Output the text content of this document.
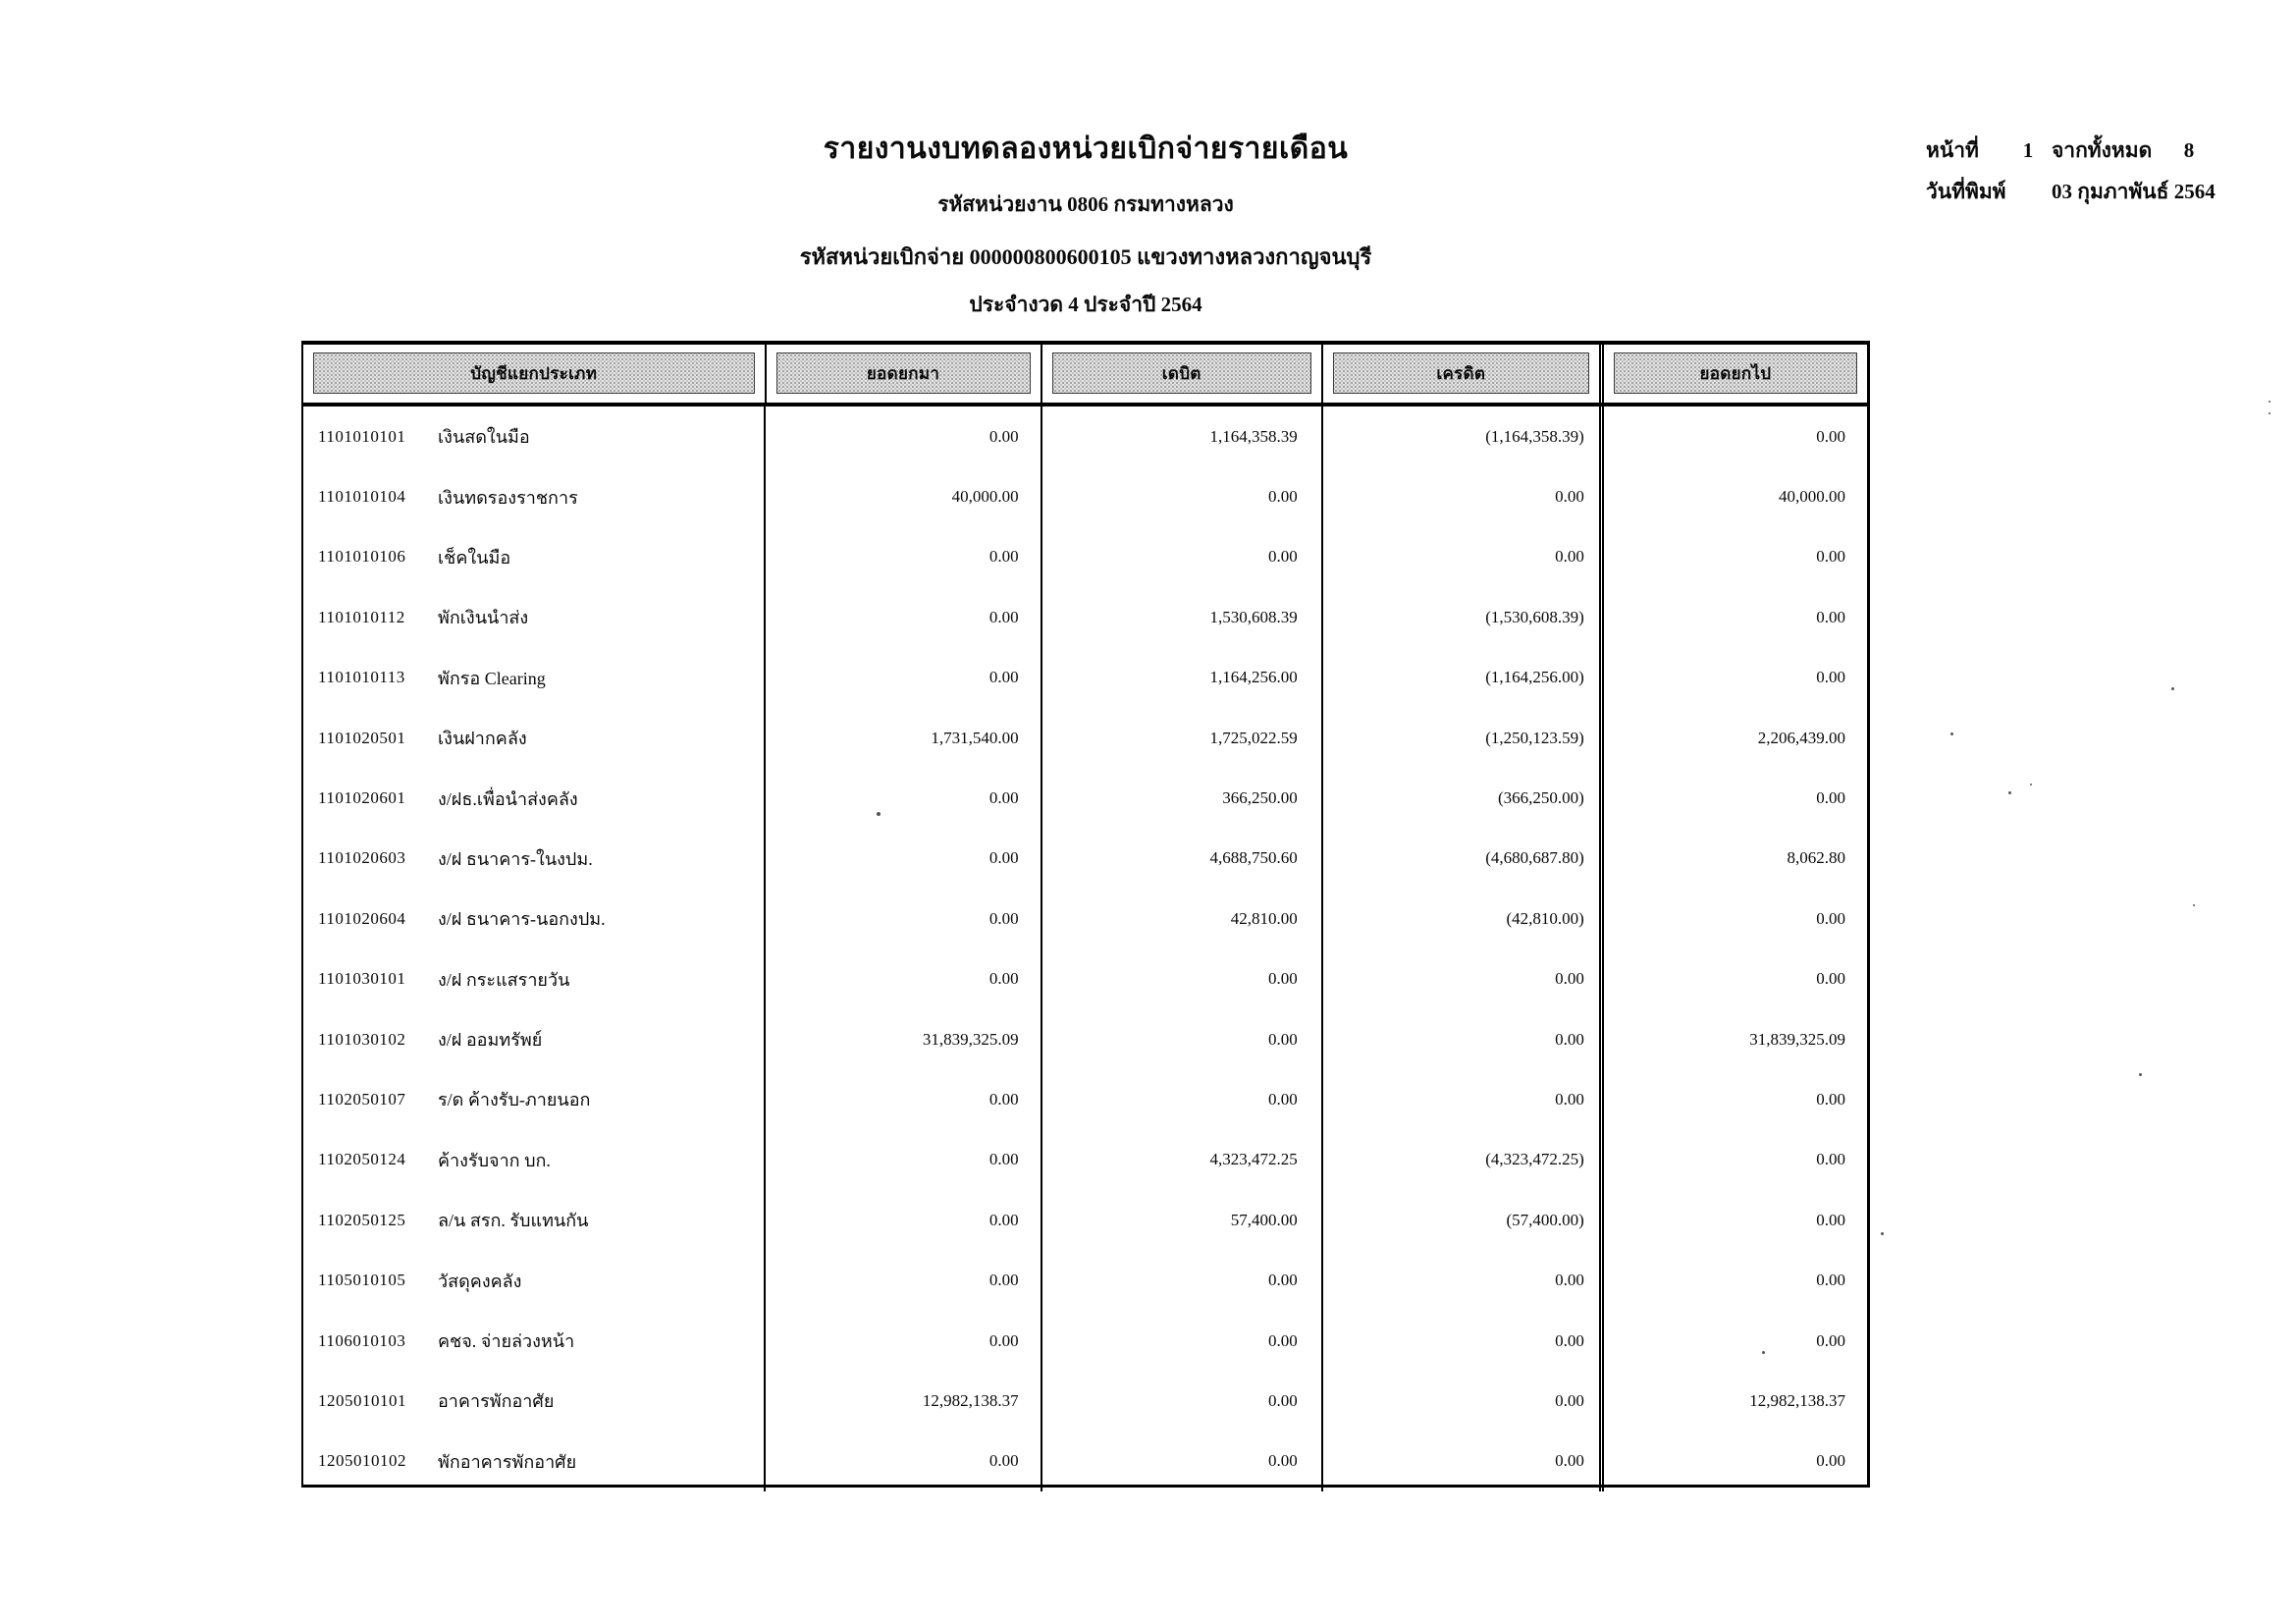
รายงานงบทดลองหน่วยเบิกจ่ายรายเดือน
รหัสหน่วยงาน 0806 กรมทางหลวง
รหัสหน่วยเบิกจ่าย 000000800600105 แขวงทางหลวงกาญจนบุรี
ประจำงวด 4 ประจำปี 2564
หน้าที่	1 จากทั้งหมด	8
วันที่พิมพ์	03 กุมภาพันธ์ 2564
บัญชีแยกประเภท	ยอดยกมา	เดบิต	เครดิต	ยอดยกไป
1101010101	เงินสดในมือ	0.00	1,164,358.39	(1,164,358.39)	0.00
1101010104	เงินทดรองราชการ	40,000.00	0.00	0.00	40,000.00
1101010106	เช็คในมือ	0.00	0.00	0.00	0.00
1101010112	พักเงินนำส่ง	0.00	1,530,608.39	(1,530,608.39)	0.00
1101010113	พักรอ Clearing	0.00	1,164,256.00	(1,164,256.00)	0.00
1101020501	เงินฝากคลัง	1,731,540.00	1,725,022.59	(1,250,123.59)	2,206,439.00
1101020601	ง/ฝธ.เพื่อนำส่งคลัง	0.00	366,250.00	(366,250.00)	0.00
1101020603	ง/ฝ ธนาคาร-ในงปม.	0.00	4,688,750.60	(4,680,687.80)	8,062.80
1101020604	ง/ฝ ธนาคาร-นอกงปม.	0.00	42,810.00	(42,810.00)	0.00
1101030101	ง/ฝ กระแสรายวัน	0.00	0.00	0.00	0.00
1101030102	ง/ฝ ออมทรัพย์	31,839,325.09	0.00	0.00	31,839,325.09
1102050107	ร/ด ค้างรับ-ภายนอก	0.00	0.00	0.00	0.00
1102050124	ค้างรับจาก บก.	0.00	4,323,472.25	(4,323,472.25)	0.00
1102050125	ล/น สรก. รับแทนกัน	0.00	57,400.00	(57,400.00)	0.00
1105010105	วัสดุคงคลัง	0.00	0.00	0.00	0.00
1106010103	คชจ. จ่ายล่วงหน้า	0.00	0.00	0.00	0.00
1205010101	อาคารพักอาศัย	12,982,138.37	0.00	0.00	12,982,138.37
1205010102	พักอาคารพักอาศัย	0.00	0.00	0.00	0.00
